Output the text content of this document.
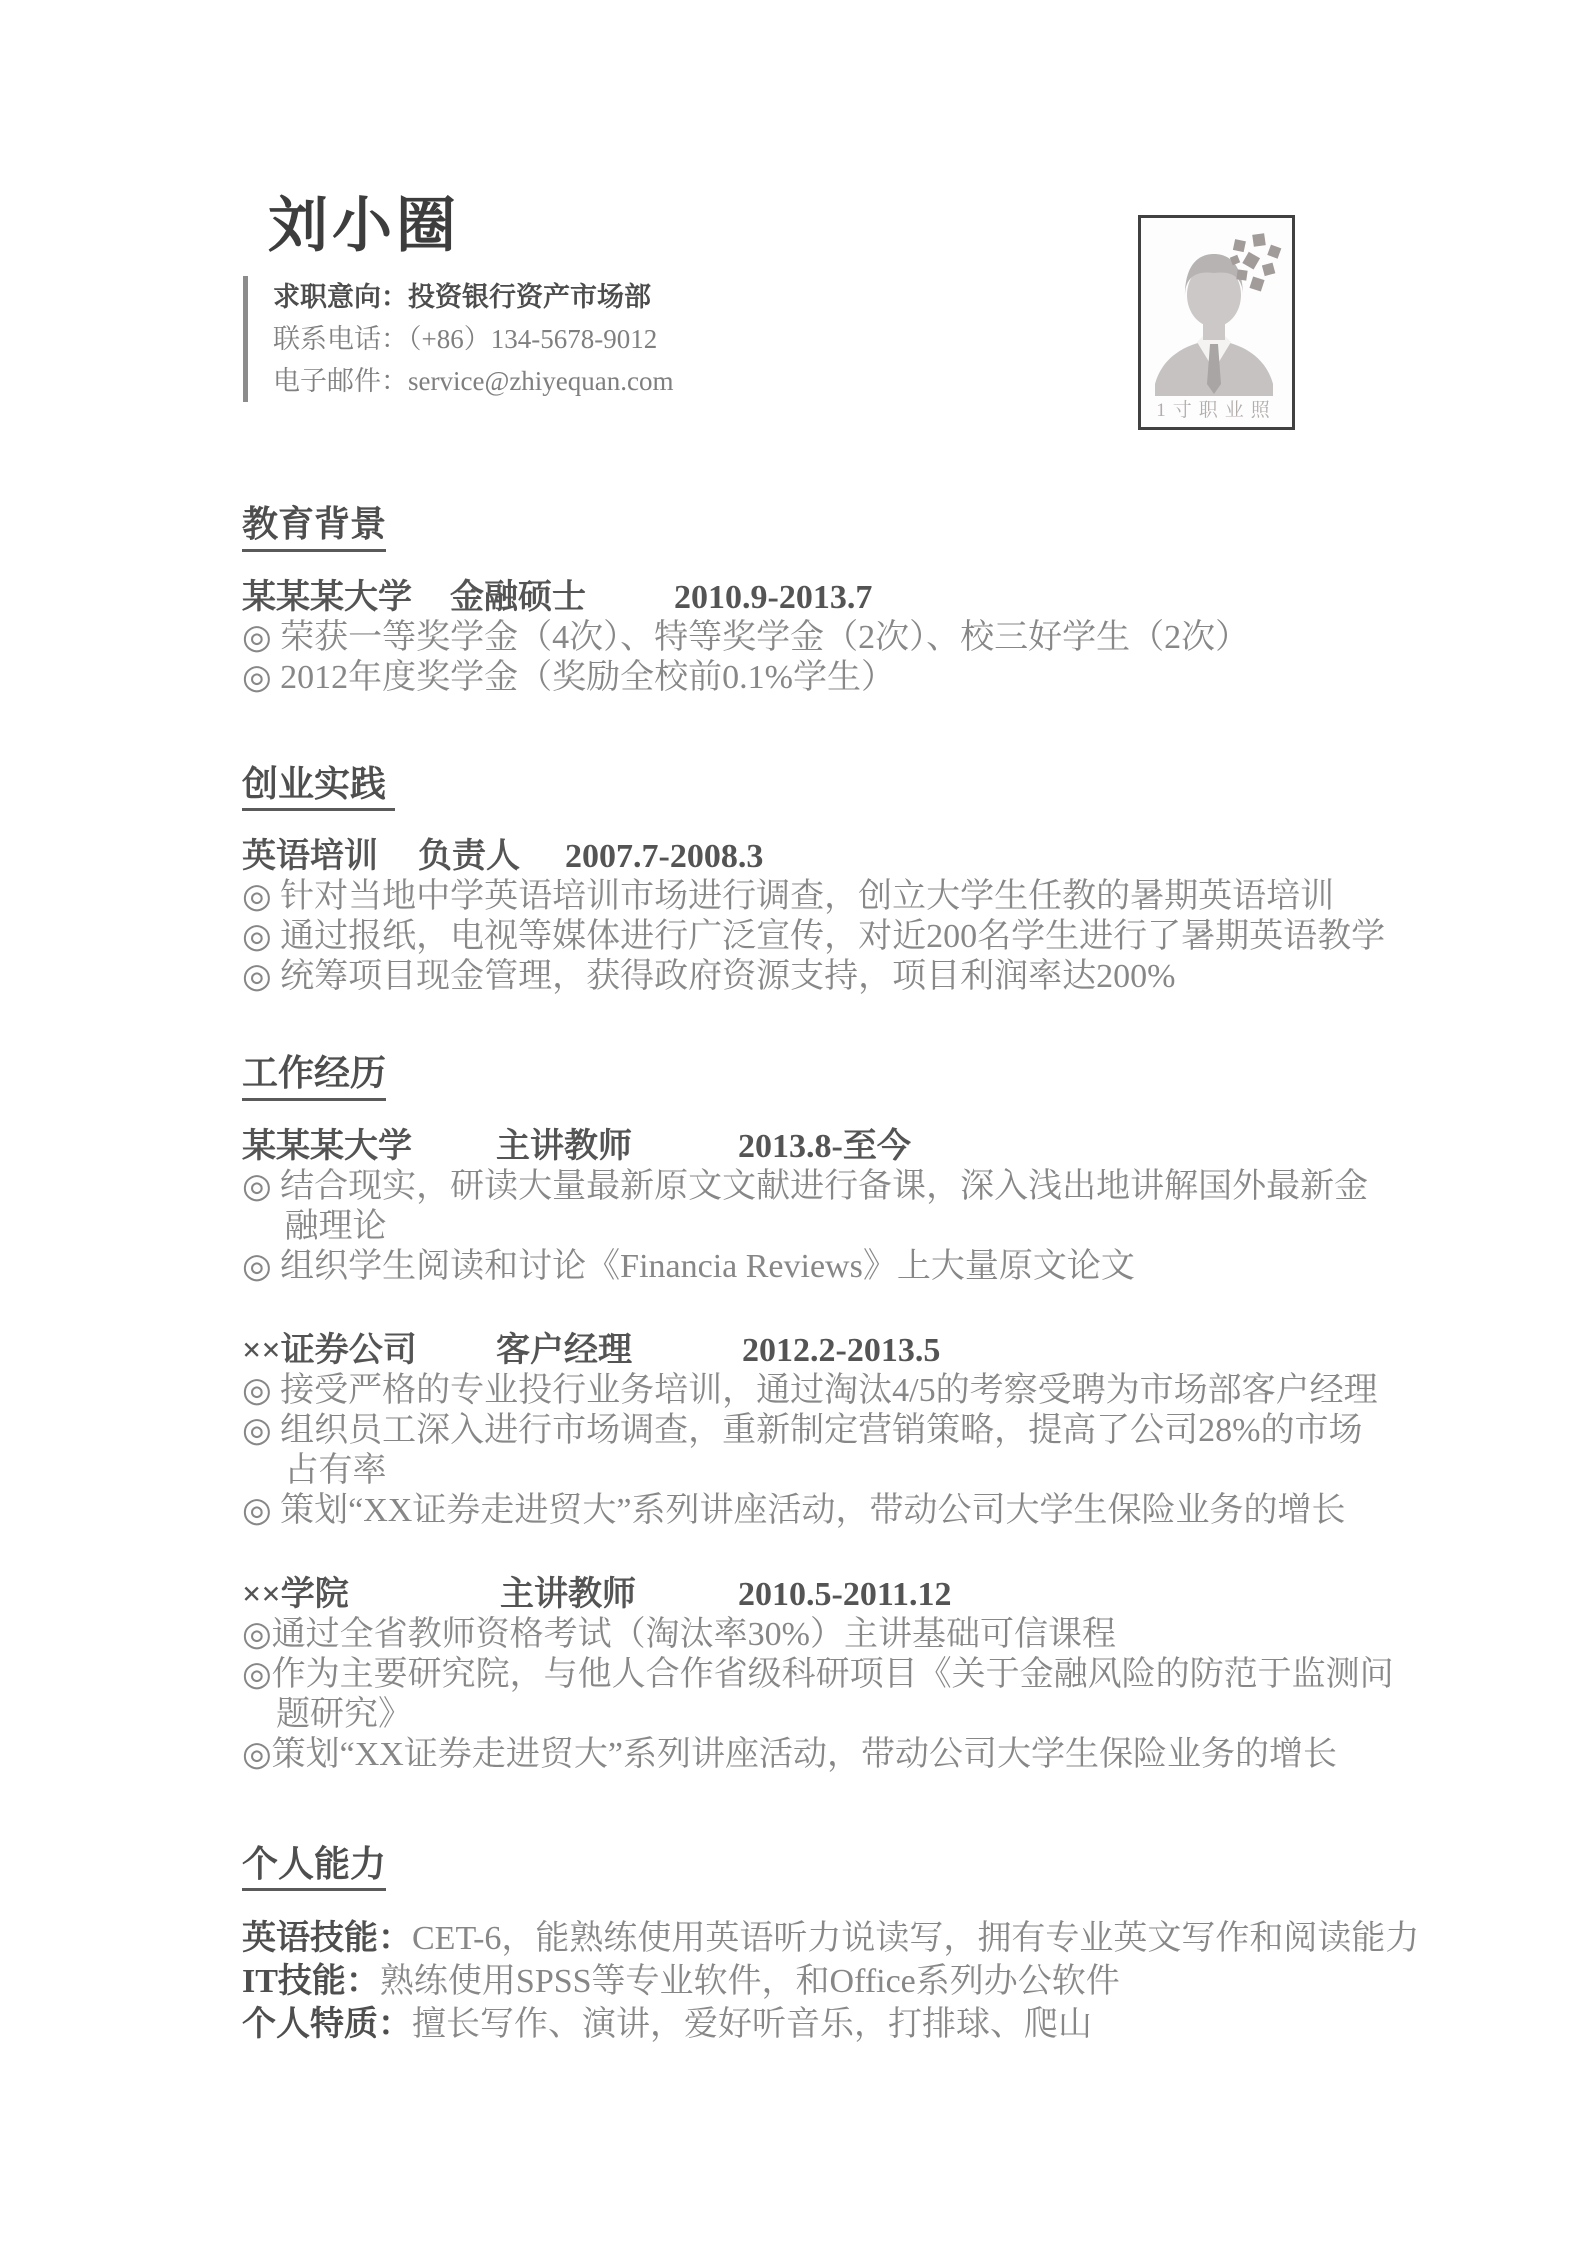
刘小圈
求职意向：投资银行资产市场部
联系电话：（+86）134-5678-9012
电子邮件：service@zhiyequan.com
1寸职业照
教育背景
某某某大学	金融硕士	2010.9-2013.7
◎ 荣获一等奖学金（4次）、特等奖学金（2次）、校三好学生（2次）
◎ 2012年度奖学金（奖励全校前0.1%学生）
创业实践
英语培训	负责人	2007.7-2008.3
◎ 针对当地中学英语培训市场进行调查，创立大学生任教的暑期英语培训
◎ 通过报纸，电视等媒体进行广泛宣传，对近200名学生进行了暑期英语教学
◎ 统筹项目现金管理，获得政府资源支持，项目利润率达200%
工作经历
某某某大学	主讲教师	2013.8-至今
◎ 结合现实，研读大量最新原文文献进行备课，深入浅出地讲解国外最新金
　 融理论
◎ 组织学生阅读和讨论《Financia Reviews》上大量原文论文
××证券公司	客户经理	2012.2-2013.5
◎ 接受严格的专业投行业务培训，通过淘汰4/5的考察受聘为市场部客户经理
◎ 组织员工深入进行市场调查，重新制定营销策略，提高了公司28%的市场
　 占有率
◎ 策划“XX证券走进贸大”系列讲座活动，带动公司大学生保险业务的增长
××学院	主讲教师	2010.5-2011.12
◎通过全省教师资格考试（淘汰率30%）主讲基础可信课程
◎作为主要研究院，与他人合作省级科研项目《关于金融风险的防范于监测问
　题研究》
◎策划“XX证券走进贸大”系列讲座活动，带动公司大学生保险业务的增长
个人能力
英语技能：CET-6，能熟练使用英语听力说读写，拥有专业英文写作和阅读能力
IT技能：熟练使用SPSS等专业软件，和Office系列办公软件
个人特质：擅长写作、演讲，爱好听音乐，打排球、爬山
